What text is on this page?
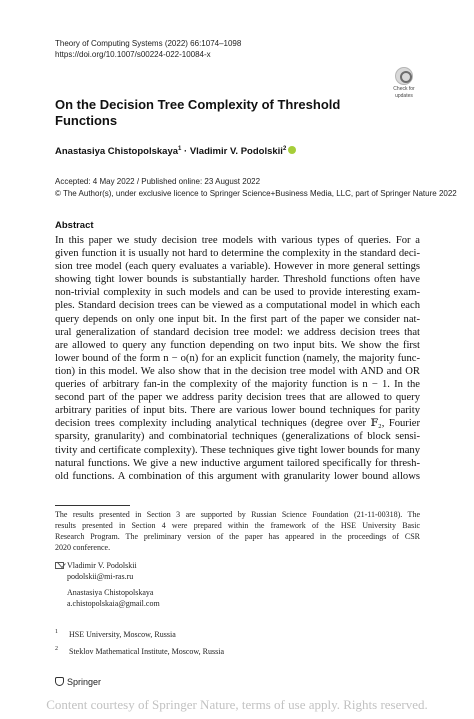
Theory of Computing Systems (2022) 66:1074–1098
https://doi.org/10.1007/s00224-022-10084-x
Check for
updates
On the Decision Tree Complexity of Threshold
Functions
Anastasiya Chistopolskaya$^1$ · Vladimir V. Podolskii$^2$
Accepted: 4 May 2022 / Published online: 23 August 2022
© The Author(s), under exclusive licence to Springer Science+Business Media, LLC, part of Springer Nature 2022
Abstract
In this paper we study decision tree models with various types of queries. For a
given function it is usually not hard to determine the complexity in the standard deci-
sion tree model (each query evaluates a variable). However in more general settings
showing tight lower bounds is substantially harder. Threshold functions often have
non-trivial complexity in such models and can be used to provide interesting exam-
ples. Standard decision trees can be viewed as a computational model in which each
query depends on only one input bit. In the first part of the paper we consider nat-
ural generalization of standard decision tree model: we address decision trees that
are allowed to query any function depending on two input bits. We show the first
lower bound of the form n − o(n) for an explicit function (namely, the majority func-
tion) in this model. We also show that in the decision tree model with AND and OR
queries of arbitrary fan-in the complexity of the majority function is n − 1. In the
second part of the paper we address parity decision trees that are allowed to query
arbitrary parities of input bits. There are various lower bound techniques for parity
decision trees complexity including analytical techniques (degree over 𝔽₂, Fourier
sparsity, granularity) and combinatorial techniques (generalizations of block sensi-
tivity and certificate complexity). These techniques give tight lower bounds for many
natural functions. We give a new inductive argument tailored specifically for thresh-
old functions. A combination of this argument with granularity lower bound allows
The results presented in Section 3 are supported by Russian Science Foundation (21-11-00318). The
results presented in Section 4 were prepared within the framework of the HSE University Basic
Research Program. The preliminary version of the paper has appeared in the proceedings of CSR
2020 conference.
Vladimir V. Podolskii
podolskii@mi-ras.ru
Anastasiya Chistopolskaya
a.chistopolskaia@gmail.com
1 HSE University, Moscow, Russia
2 Steklov Mathematical Institute, Moscow, Russia
Springer
Content courtesy of Springer Nature, terms of use apply. Rights reserved.
